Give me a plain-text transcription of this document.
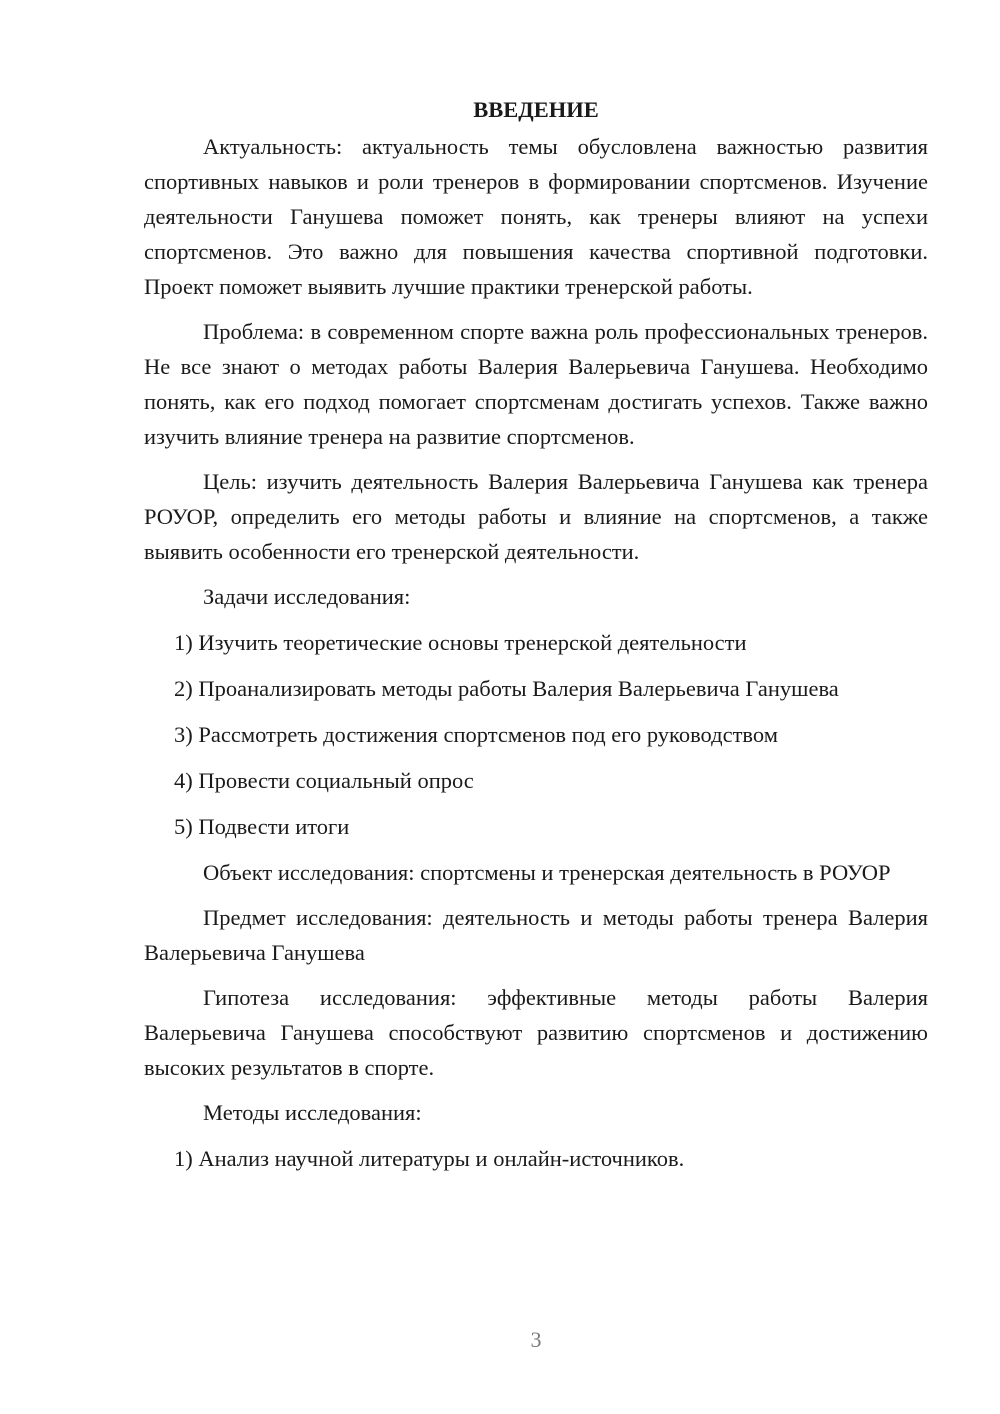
ВВЕДЕНИЕ

Актуальность: актуальность темы обусловлена важностью развития спортивных навыков и роли тренеров в формировании спортсменов. Изучение деятельности Ганушева поможет понять, как тренеры влияют на успехи спортсменов. Это важно для повышения качества спортивной подготовки. Проект поможет выявить лучшие практики тренерской работы.

Проблема: в современном спорте важна роль профессиональных тренеров. Не все знают о методах работы Валерия Валерьевича Ганушева. Необходимо понять, как его подход помогает спортсменам достигать успехов. Также важно изучить влияние тренера на развитие спортсменов.

Цель: изучить деятельность Валерия Валерьевича Ганушева как тренера РОУОР, определить его методы работы и влияние на спортсменов, а также выявить особенности его тренерской деятельности.

Задачи исследования:

1) Изучить теоретические основы тренерской деятельности

2) Проанализировать методы работы Валерия Валерьевича Ганушева

3) Рассмотреть достижения спортсменов под его руководством

4) Провести социальный опрос

5) Подвести итоги

Объект исследования: спортсмены и тренерская деятельность в РОУОР

Предмет исследования: деятельность и методы работы тренера Валерия Валерьевича Ганушева

Гипотеза исследования: эффективные методы работы Валерия Валерьевича Ганушева способствуют развитию спортсменов и достижению высоких результатов в спорте.

Методы исследования:

1) Анализ научной литературы и онлайн-источников.

3
